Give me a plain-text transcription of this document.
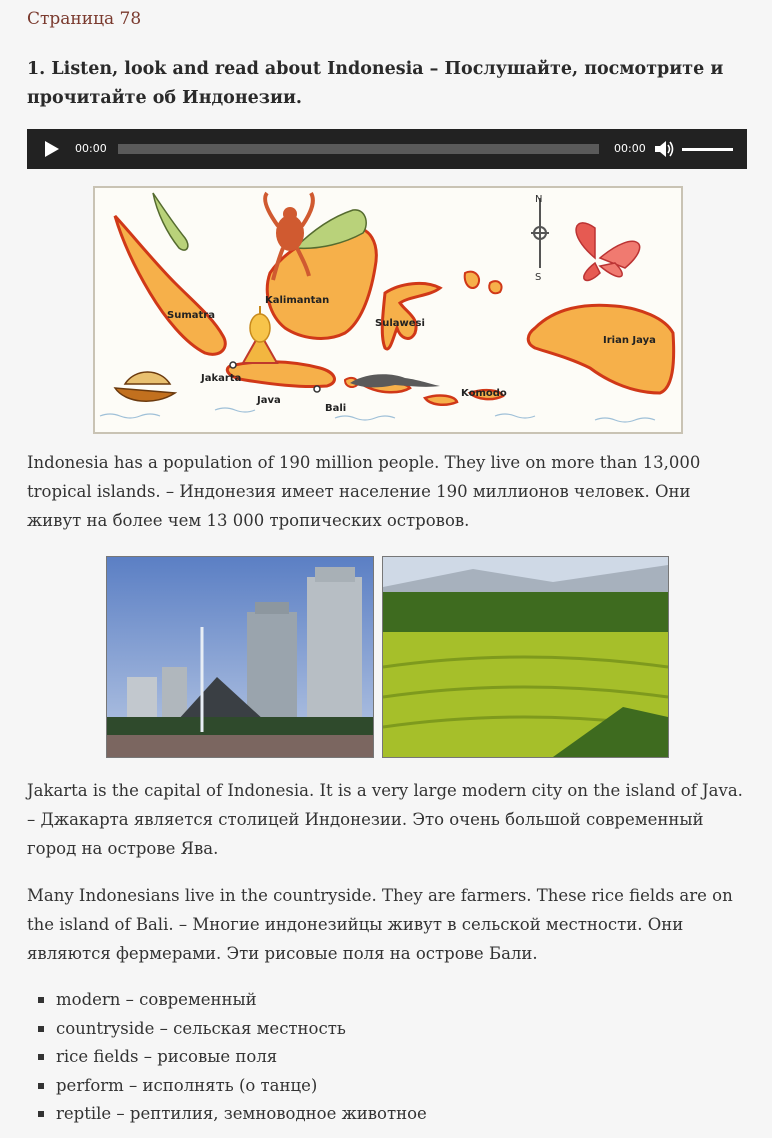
Страница 78
1. Listen, look and read about Indonesia – Послушайте, посмотрите и прочитайте об Индонезии.
00:00	00:00
N
S
Sumatra
Kalimantan
Sulawesi
Irian Jaya
Jakarta
Java
Bali
Komodo
Indonesia has a population of 190 million people. They live on more than 13,000 tropical islands. – Индонезия имеет население 190 миллионов человек. Они живут на более чем 13 000 тропических островов.
Jakarta is the capital of Indonesia. It is a very large modern city on the island of Java. – Джакарта является столицей Индонезии. Это очень большой современный город на острове Ява.
Many Indonesians live in the countryside. They are farmers. These rice fields are on the island of Bali. – Многие индонезийцы живут в сельской местности. Они являются фермерами. Эти рисовые поля на острове Бали.
modern – современный
countryside – сельская местность
rice fields – рисовые поля
perform – исполнять (о танце)
reptile – рептилия, земноводное животное
